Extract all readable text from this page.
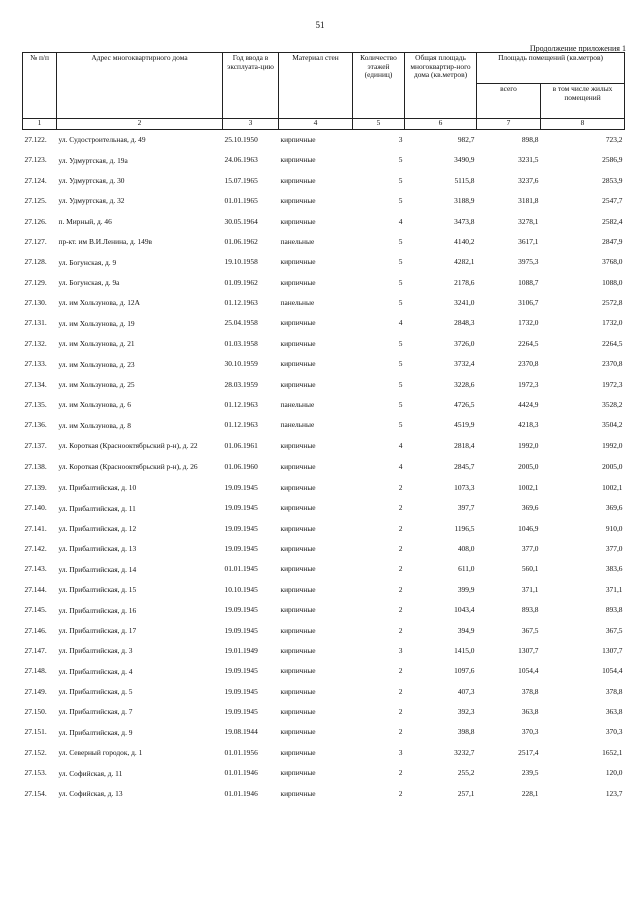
51
Продолжение приложения 1
№ п/п	Адрес многоквартирного дома	Год ввода в эксплуата-цию	Материал стен	Количество этажей (единиц)	Общая площадь многоквартир-ного дома (кв.метров)	Площадь помещений (кв.метров)	
						всего	в том числе жилых помещений
1	2	3	4	5	6	7	8
27.122.	ул. Судостроительная, д. 49	25.10.1950	кирпичные	3	982,7	898,8	723,2
27.123.	ул. Удмуртская, д. 19а	24.06.1963	кирпичные	5	3490,9	3231,5	2586,9
27.124.	ул. Удмуртская, д. 30	15.07.1965	кирпичные	5	5115,8	3237,6	2853,9
27.125.	ул. Удмуртская, д. 32	01.01.1965	кирпичные	5	3188,9	3181,8	2547,7
27.126.	п. Мирный, д. 46	30.05.1964	кирпичные	4	3473,8	3278,1	2582,4
27.127.	пр-кт. им В.И.Ленина, д. 149в	01.06.1962	панельные	5	4140,2	3617,1	2847,9
27.128.	ул. Богунская, д. 9	19.10.1958	кирпичные	5	4282,1	3975,3	3768,0
27.129.	ул. Богунская, д. 9а	01.09.1962	кирпичные	5	2178,6	1088,7	1088,0
27.130.	ул. им Хользунова, д. 12А	01.12.1963	панельные	5	3241,0	3106,7	2572,8
27.131.	ул. им Хользунова, д. 19	25.04.1958	кирпичные	4	2848,3	1732,0	1732,0
27.132.	ул. им Хользунова, д. 21	01.03.1958	кирпичные	5	3726,0	2264,5	2264,5
27.133.	ул. им Хользунова, д. 23	30.10.1959	кирпичные	5	3732,4	2370,8	2370,8
27.134.	ул. им Хользунова, д. 25	28.03.1959	кирпичные	5	3228,6	1972,3	1972,3
27.135.	ул. им Хользунова, д. 6	01.12.1963	панельные	5	4726,5	4424,9	3528,2
27.136.	ул. им Хользунова, д. 8	01.12.1963	панельные	5	4519,9	4218,3	3504,2
27.137.	ул. Короткая (Краснооктябрьский р-н), д. 22	01.06.1961	кирпичные	4	2818,4	1992,0	1992,0
27.138.	ул. Короткая (Краснооктябрьский р-н), д. 26	01.06.1960	кирпичные	4	2845,7	2005,0	2005,0
27.139.	ул. Прибалтийская, д. 10	19.09.1945	кирпичные	2	1073,3	1002,1	1002,1
27.140.	ул. Прибалтийская, д. 11	19.09.1945	кирпичные	2	397,7	369,6	369,6
27.141.	ул. Прибалтийская, д. 12	19.09.1945	кирпичные	2	1196,5	1046,9	910,0
27.142.	ул. Прибалтийская, д. 13	19.09.1945	кирпичные	2	408,0	377,0	377,0
27.143.	ул. Прибалтийская, д. 14	01.01.1945	кирпичные	2	611,0	560,1	383,6
27.144.	ул. Прибалтийская, д. 15	10.10.1945	кирпичные	2	399,9	371,1	371,1
27.145.	ул. Прибалтийская, д. 16	19.09.1945	кирпичные	2	1043,4	893,8	893,8
27.146.	ул. Прибалтийская, д. 17	19.09.1945	кирпичные	2	394,9	367,5	367,5
27.147.	ул. Прибалтийская, д. 3	19.01.1949	кирпичные	3	1415,0	1307,7	1307,7
27.148.	ул. Прибалтийская, д. 4	19.09.1945	кирпичные	2	1097,6	1054,4	1054,4
27.149.	ул. Прибалтийская, д. 5	19.09.1945	кирпичные	2	407,3	378,8	378,8
27.150.	ул. Прибалтийская, д. 7	19.09.1945	кирпичные	2	392,3	363,8	363,8
27.151.	ул. Прибалтийская, д. 9	19.08.1944	кирпичные	2	398,8	370,3	370,3
27.152.	ул. Северный городок, д. 1	01.01.1956	кирпичные	3	3232,7	2517,4	1652,1
27.153.	ул. Софийская, д. 11	01.01.1946	кирпичные	2	255,2	239,5	120,0
27.154.	ул. Софийская, д. 13	01.01.1946	кирпичные	2	257,1	228,1	123,7
